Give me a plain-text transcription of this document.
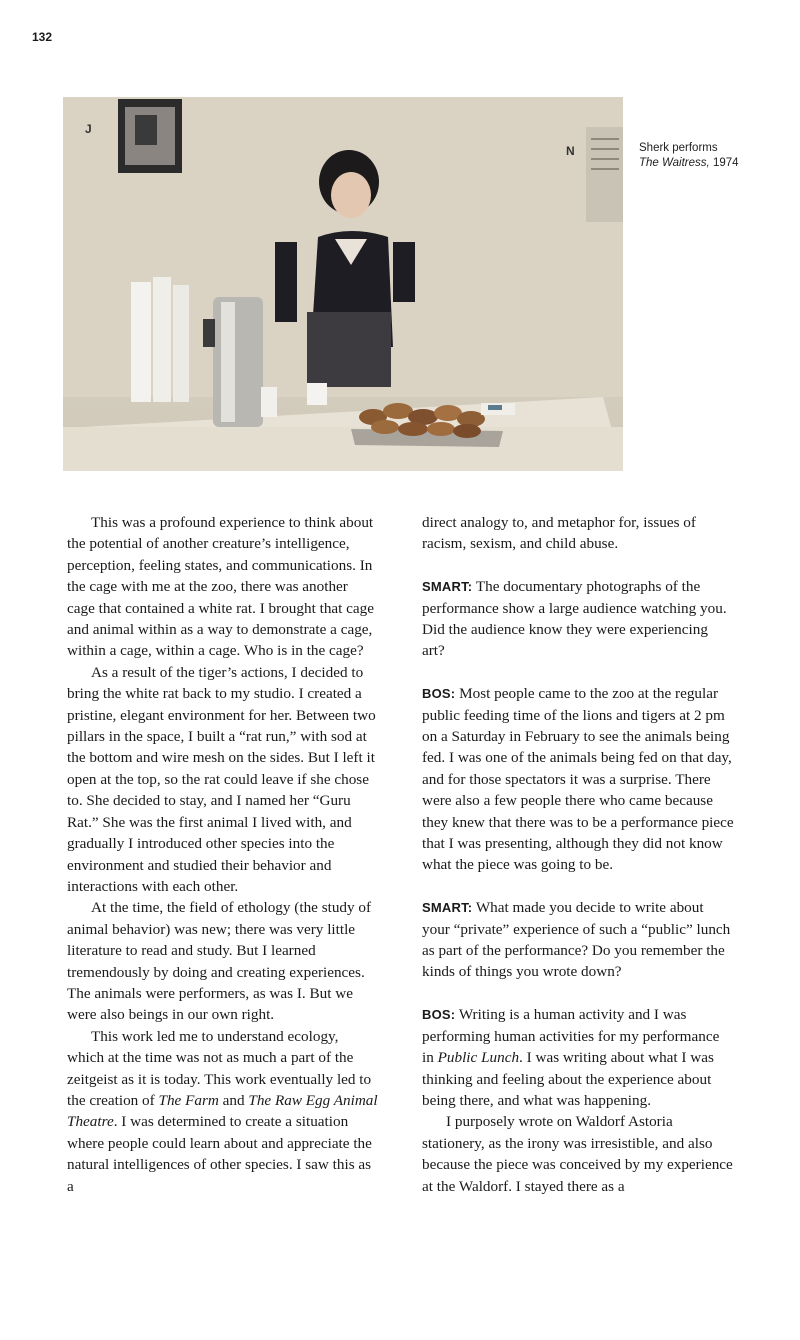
132
J
N	Sherk performs
The Waitress, 1974

This was a profound experience to think about the potential of another creature’s intelligence, perception, feeling states, and communications. In the cage with me at the zoo, there was another cage that contained a white rat. I brought that cage and animal within as a way to demonstrate a cage, within a cage, within a cage. Who is in the cage?

As a result of the tiger’s actions, I decided to bring the white rat back to my studio. I created a pristine, elegant environment for her. Between two pillars in the space, I built a “rat run,” with sod at the bottom and wire mesh on the sides. But I left it open at the top, so the rat could leave if she chose to. She decided to stay, and I named her “Guru Rat.” She was the first animal I lived with, and gradually I introduced other species into the environment and studied their behavior and interactions with each other.

At the time, the field of ethology (the study of animal behavior) was new; there was very little literature to read and study. But I learned tremendously by doing and creating experiences. The animals were performers, as was I. But we were also beings in our own right.

This work led me to understand ecology, which at the time was not as much a part of the zeitgeist as it is today. This work eventually led to the creation of The Farm and The Raw Egg Animal Theatre. I was determined to create a situation where people could learn about and appreciate the natural intelligences of other species. I saw this as a

direct analogy to, and metaphor for, issues of racism, sexism, and child abuse.

SMART: The documentary photographs of the performance show a large audience watching you. Did the audience know they were experiencing art?

BOS: Most people came to the zoo at the regular public feeding time of the lions and tigers at 2 pm on a Saturday in February to see the animals being fed. I was one of the animals being fed on that day, and for those spectators it was a surprise. There were also a few people there who came because they knew that there was to be a performance piece that I was presenting, although they did not know what the piece was going to be.

SMART: What made you decide to write about your “private” experience of such a “public” lunch as part of the performance? Do you remember the kinds of things you wrote down?

BOS: Writing is a human activity and I was performing human activities for my performance in Public Lunch. I was writing about what I was thinking and feeling about the experience about being there, and what was happening.

I purposely wrote on Waldorf Astoria stationery, as the irony was irresistible, and also because the piece was conceived by my experience at the Waldorf. I stayed there as a
